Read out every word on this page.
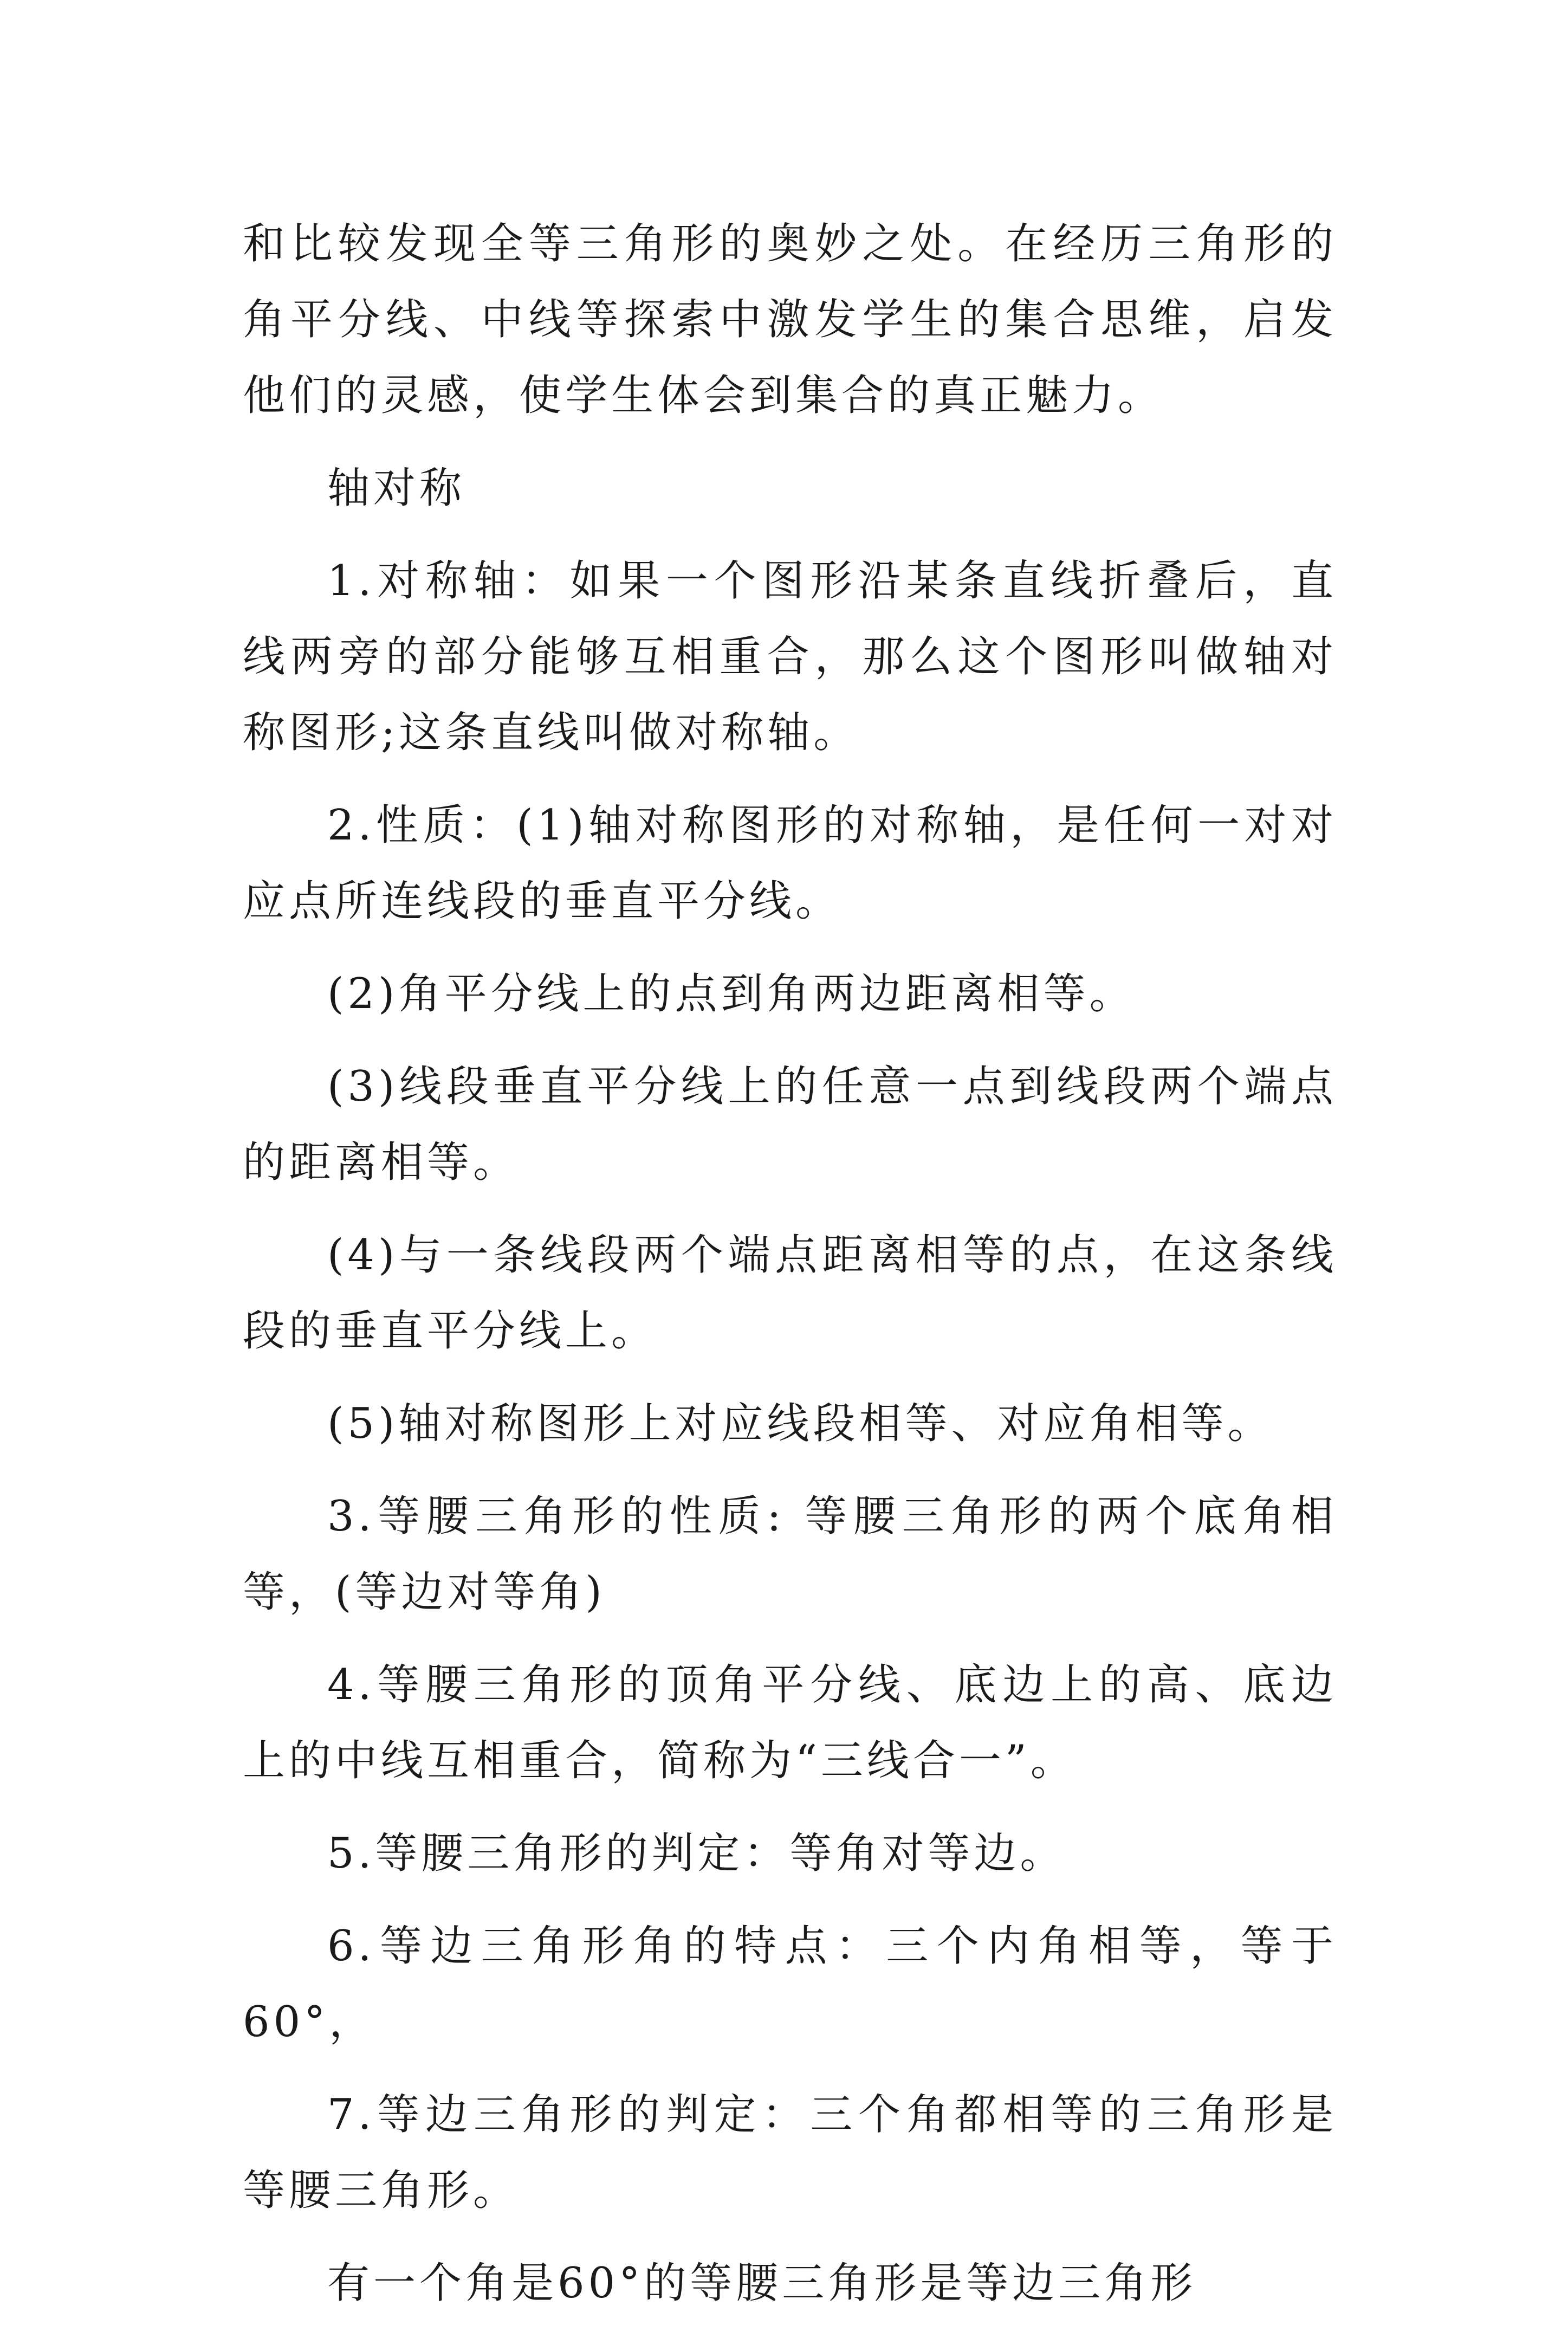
和比较发现全等三角形的奥妙之处。在经历三角形的角平分线、中线等探索中激发学生的集合思维，启发他们的灵感，使学生体会到集合的真正魅力。

轴对称

1.对称轴：如果一个图形沿某条直线折叠后，直线两旁的部分能够互相重合，那么这个图形叫做轴对称图形;这条直线叫做对称轴。

2.性质：(1)轴对称图形的对称轴，是任何一对对应点所连线段的垂直平分线。

(2)角平分线上的点到角两边距离相等。

(3)线段垂直平分线上的任意一点到线段两个端点的距离相等。

(4)与一条线段两个端点距离相等的点，在这条线段的垂直平分线上。

(5)轴对称图形上对应线段相等、对应角相等。

3.等腰三角形的性质: 等腰三角形的两个底角相等，(等边对等角)

4.等腰三角形的顶角平分线、底边上的高、底边上的中线互相重合，简称为“三线合一”。

5.等腰三角形的判定：等角对等边。

6.等边三角形角的特点：三个内角相等，等于60°，

7.等边三角形的判定：三个角都相等的三角形是等腰三角形。

有一个角是60°的等腰三角形是等边三角形
